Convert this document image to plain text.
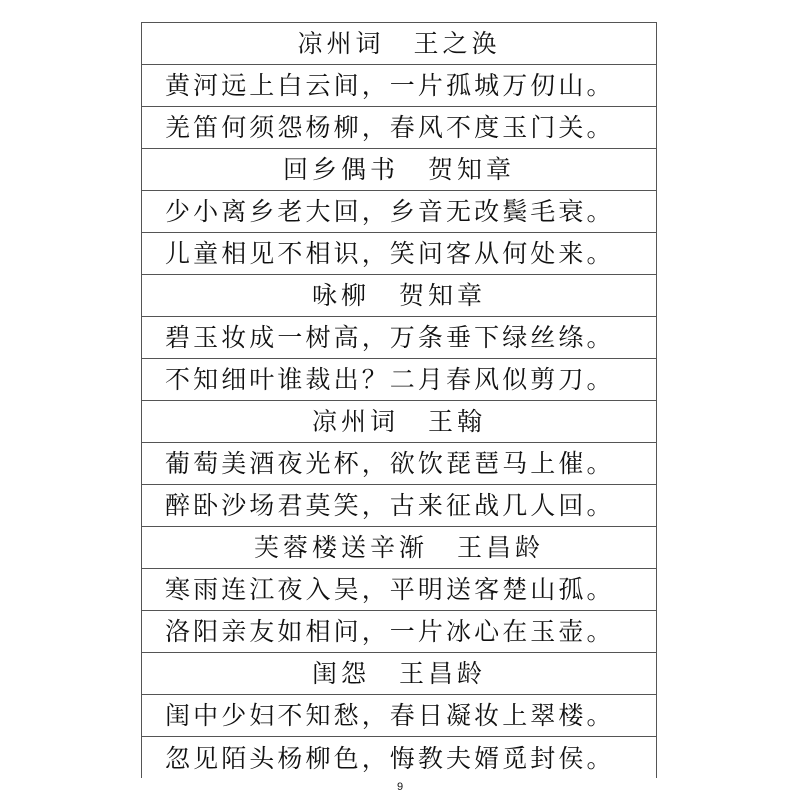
凉州词　王之涣
黄河远上白云间，一片孤城万仞山。
羌笛何须怨杨柳，春风不度玉门关。
回乡偶书　贺知章
少小离乡老大回，乡音无改鬓毛衰。
儿童相见不相识，笑问客从何处来。
咏柳　贺知章
碧玉妆成一树高，万条垂下绿丝绦。
不知细叶谁裁出？二月春风似剪刀。
凉州词　王翰
葡萄美酒夜光杯，欲饮琵琶马上催。
醉卧沙场君莫笑，古来征战几人回。
芙蓉楼送辛渐　王昌龄
寒雨连江夜入吴，平明送客楚山孤。
洛阳亲友如相问，一片冰心在玉壶。
闺怨　王昌龄
闺中少妇不知愁，春日凝妆上翠楼。
忽见陌头杨柳色，悔教夫婿觅封侯。
9
